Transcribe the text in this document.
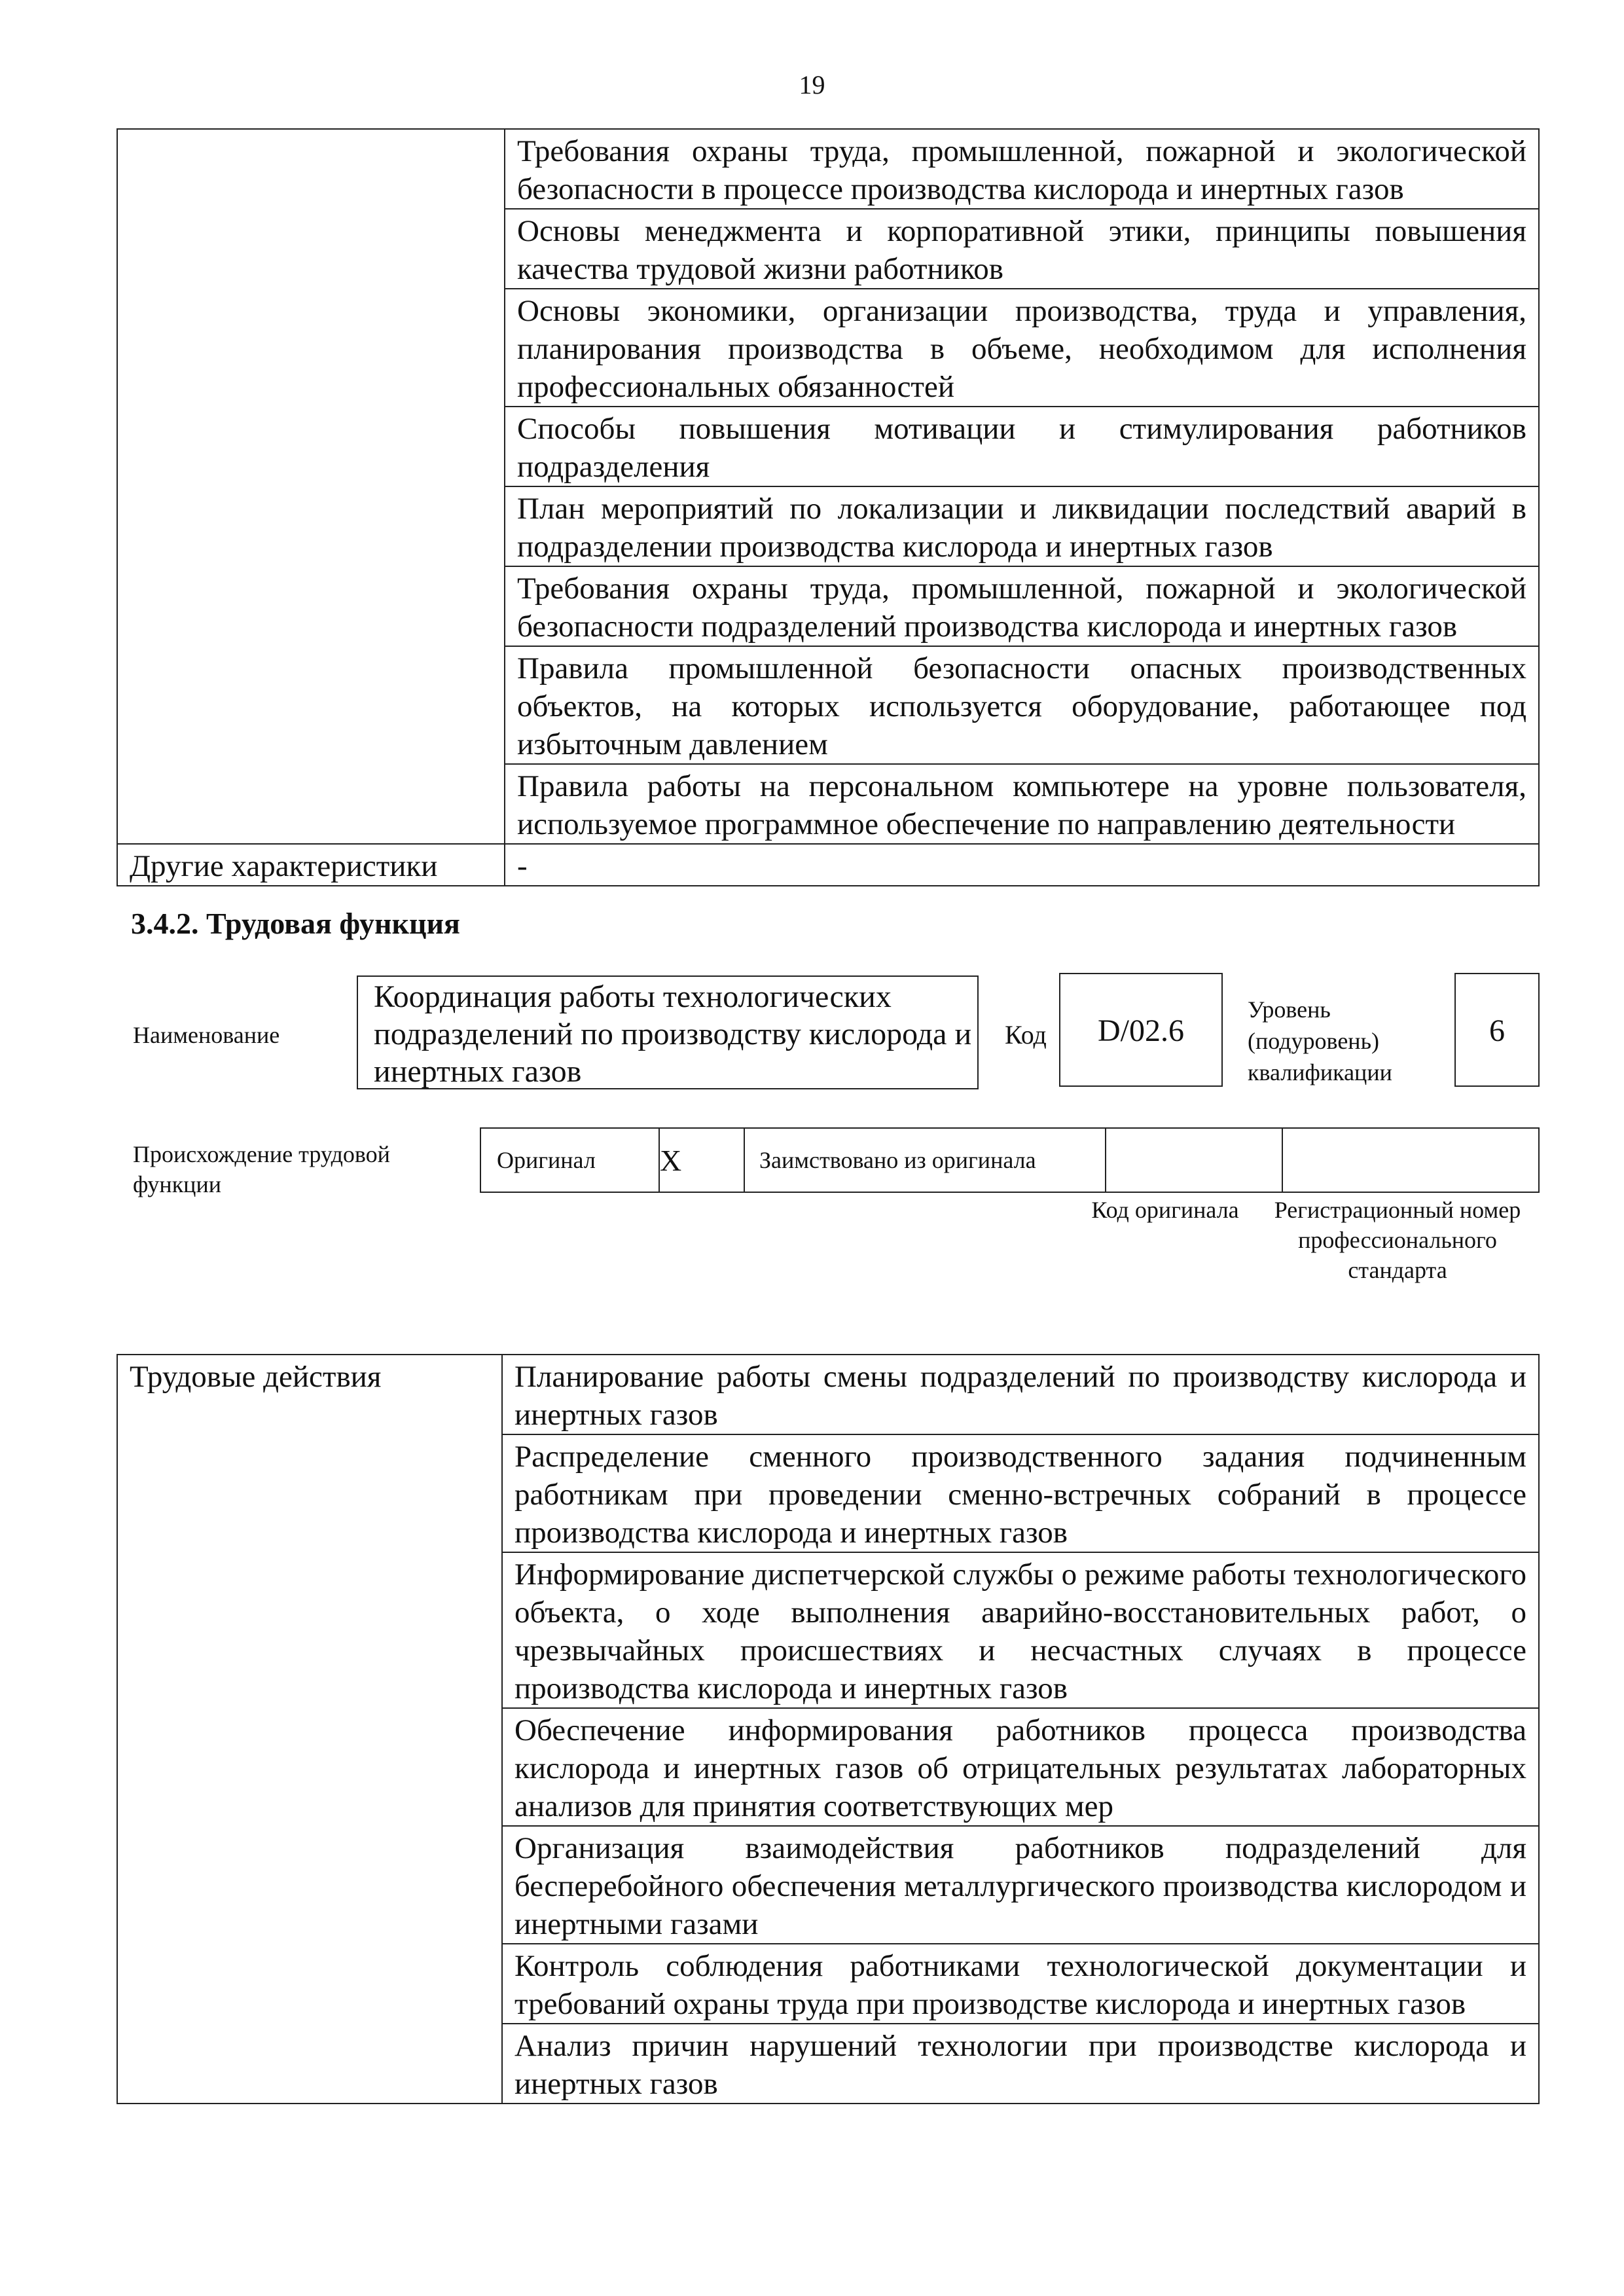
19
	Требования охраны труда, промышленной, пожарной и экологической безопасности в процессе производства кислорода и инертных газов
	Основы менеджмента и корпоративной этики, принципы повышения качества трудовой жизни работников
	Основы экономики, организации производства, труда и управления, планирования производства в объеме, необходимом для исполнения профессиональных обязанностей
	Способы повышения мотивации и стимулирования работников подразделения
	План мероприятий по локализации и ликвидации последствий аварий в подразделении производства кислорода и инертных газов
	Требования охраны труда, промышленной, пожарной и экологической безопасности подразделений производства кислорода и инертных газов
	Правила промышленной безопасности опасных производственных объектов, на которых используется оборудование, работающее под избыточным давлением
	Правила работы на персональном компьютере на уровне пользователя, используемое программное обеспечение по направлению деятельности
Другие характеристики	-
3.4.2. Трудовая функция
Наименование
Координация работы технологических подразделений по производству кислорода и инертных газов
Код	D/02.6
Уровень (подуровень) квалификации
6
Происхождение трудовой функции
Оригинал	X	Заимствовано из оригинала		
Код оригинала	Регистрационный номер профессионального стандарта
Трудовые действия	Планирование работы смены подразделений по производству кислорода и инертных газов
Распределение сменного производственного задания подчиненным работникам при проведении сменно-встречных собраний в процессе производства кислорода и инертных газов
Информирование диспетчерской службы о режиме работы технологического объекта, о ходе выполнения аварийно-восстановительных работ, о чрезвычайных происшествиях и несчастных случаях в процессе производства кислорода и инертных газов
Обеспечение информирования работников процесса производства кислорода и инертных газов об отрицательных результатах лабораторных анализов для принятия соответствующих мер
Организация взаимодействия работников подразделений для бесперебойного обеспечения металлургического производства кислородом и инертными газами
Контроль соблюдения работниками технологической документации и требований охраны труда при производстве кислорода и инертных газов
Анализ причин нарушений технологии при производстве кислорода и инертных газов
